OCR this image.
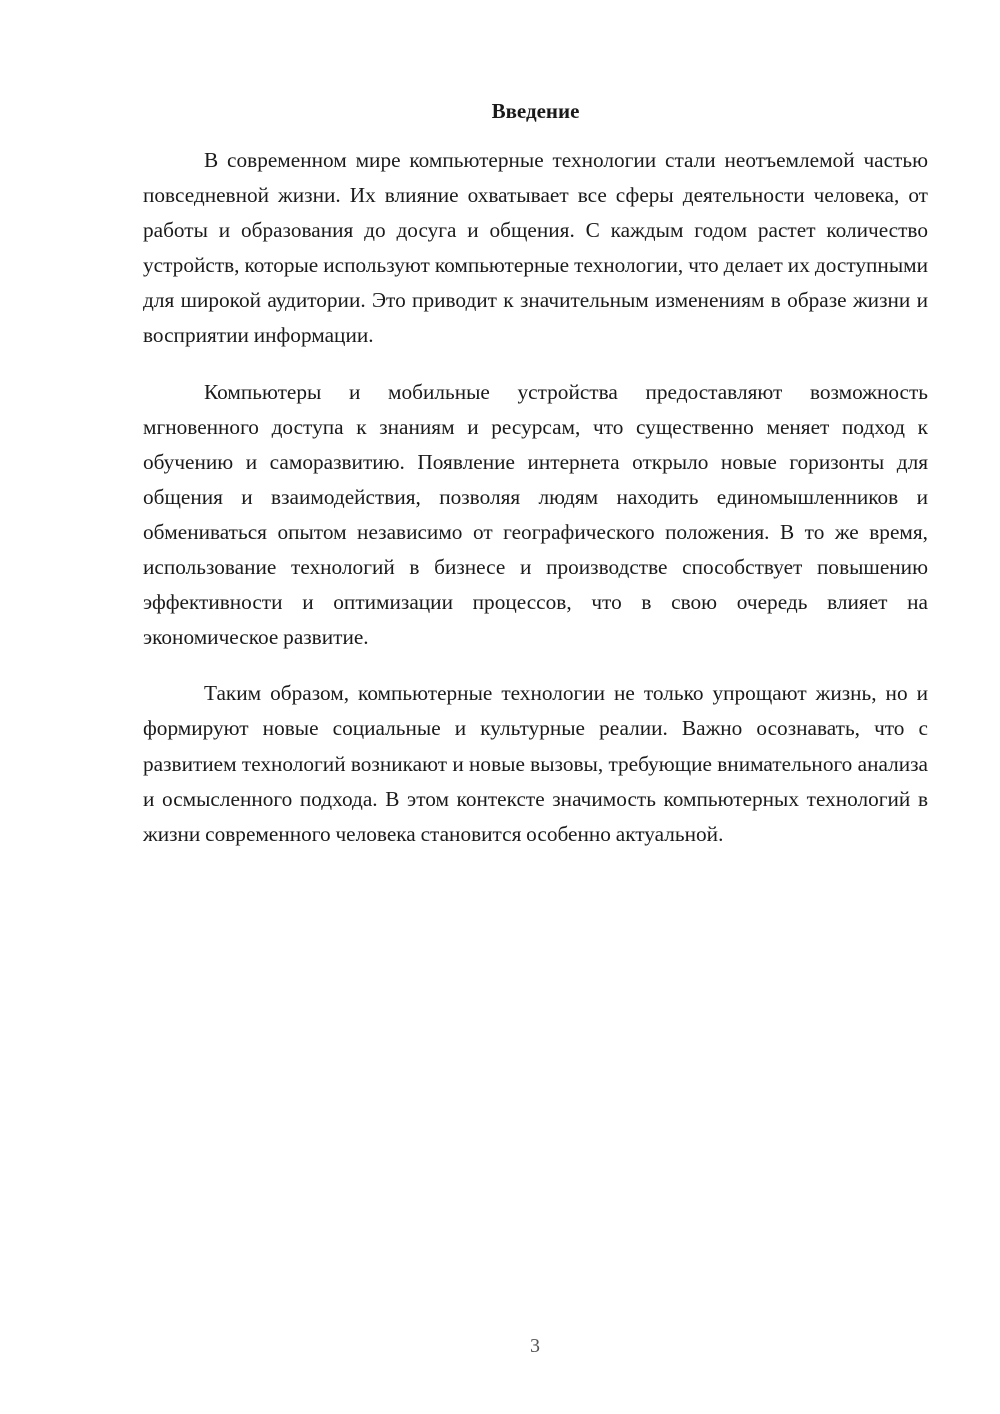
Введение

В современном мире компьютерные технологии стали неотъемлемой частью повседневной жизни. Их влияние охватывает все сферы деятельности человека, от работы и образования до досуга и общения. С каждым годом растет количество устройств, которые используют компьютерные технологии, что делает их доступными для широкой аудитории. Это приводит к значительным изменениям в образе жизни и восприятии информации.

Компьютеры и мобильные устройства предоставляют возможность мгновенного доступа к знаниям и ресурсам, что существенно меняет подход к обучению и саморазвитию. Появление интернета открыло новые горизонты для общения и взаимодействия, позволяя людям находить единомышленников и обмениваться опытом независимо от географического положения. В то же время, использование технологий в бизнесе и производстве способствует повышению эффективности и оптимизации процессов, что в свою очередь влияет на экономическое развитие.

Таким образом, компьютерные технологии не только упрощают жизнь, но и формируют новые социальные и культурные реалии. Важно осознавать, что с развитием технологий возникают и новые вызовы, требующие внимательного анализа и осмысленного подхода. В этом контексте значимость компьютерных технологий в жизни современного человека становится особенно актуальной.

3
